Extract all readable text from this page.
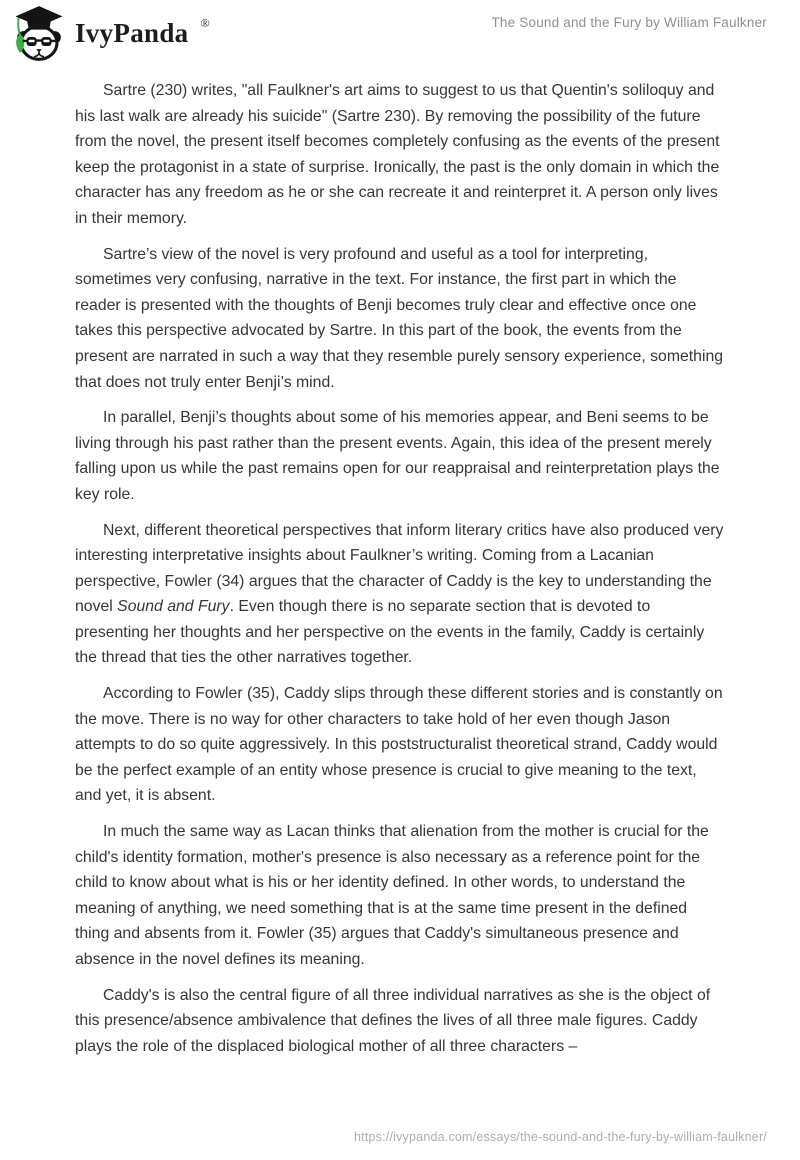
IvyPanda ®	The Sound and the Fury by William Faulkner

Sartre (230) writes, "all Faulkner's art aims to suggest to us that Quentin's soliloquy and his last walk are already his suicide" (Sartre 230). By removing the possibility of the future from the novel, the present itself becomes completely confusing as the events of the present keep the protagonist in a state of surprise. Ironically, the past is the only domain in which the character has any freedom as he or she can recreate it and reinterpret it. A person only lives in their memory.

Sartre’s view of the novel is very profound and useful as a tool for interpreting, sometimes very confusing, narrative in the text. For instance, the first part in which the reader is presented with the thoughts of Benji becomes truly clear and effective once one takes this perspective advocated by Sartre. In this part of the book, the events from the present are narrated in such a way that they resemble purely sensory experience, something that does not truly enter Benji’s mind.

In parallel, Benji’s thoughts about some of his memories appear, and Beni seems to be living through his past rather than the present events. Again, this idea of the present merely falling upon us while the past remains open for our reappraisal and reinterpretation plays the key role.

Next, different theoretical perspectives that inform literary critics have also produced very interesting interpretative insights about Faulkner’s writing. Coming from a Lacanian perspective, Fowler (34) argues that the character of Caddy is the key to understanding the novel Sound and Fury. Even though there is no separate section that is devoted to presenting her thoughts and her perspective on the events in the family, Caddy is certainly the thread that ties the other narratives together.

According to Fowler (35), Caddy slips through these different stories and is constantly on the move. There is no way for other characters to take hold of her even though Jason attempts to do so quite aggressively. In this poststructuralist theoretical strand, Caddy would be the perfect example of an entity whose presence is crucial to give meaning to the text, and yet, it is absent.

In much the same way as Lacan thinks that alienation from the mother is crucial for the child's identity formation, mother's presence is also necessary as a reference point for the child to know about what is his or her identity defined. In other words, to understand the meaning of anything, we need something that is at the same time present in the defined thing and absents from it. Fowler (35) argues that Caddy's simultaneous presence and absence in the novel defines its meaning.

Caddy's is also the central figure of all three individual narratives as she is the object of this presence/absence ambivalence that defines the lives of all three male figures. Caddy plays the role of the displaced biological mother of all three characters –

https://ivypanda.com/essays/the-sound-and-the-fury-by-william-faulkner/
